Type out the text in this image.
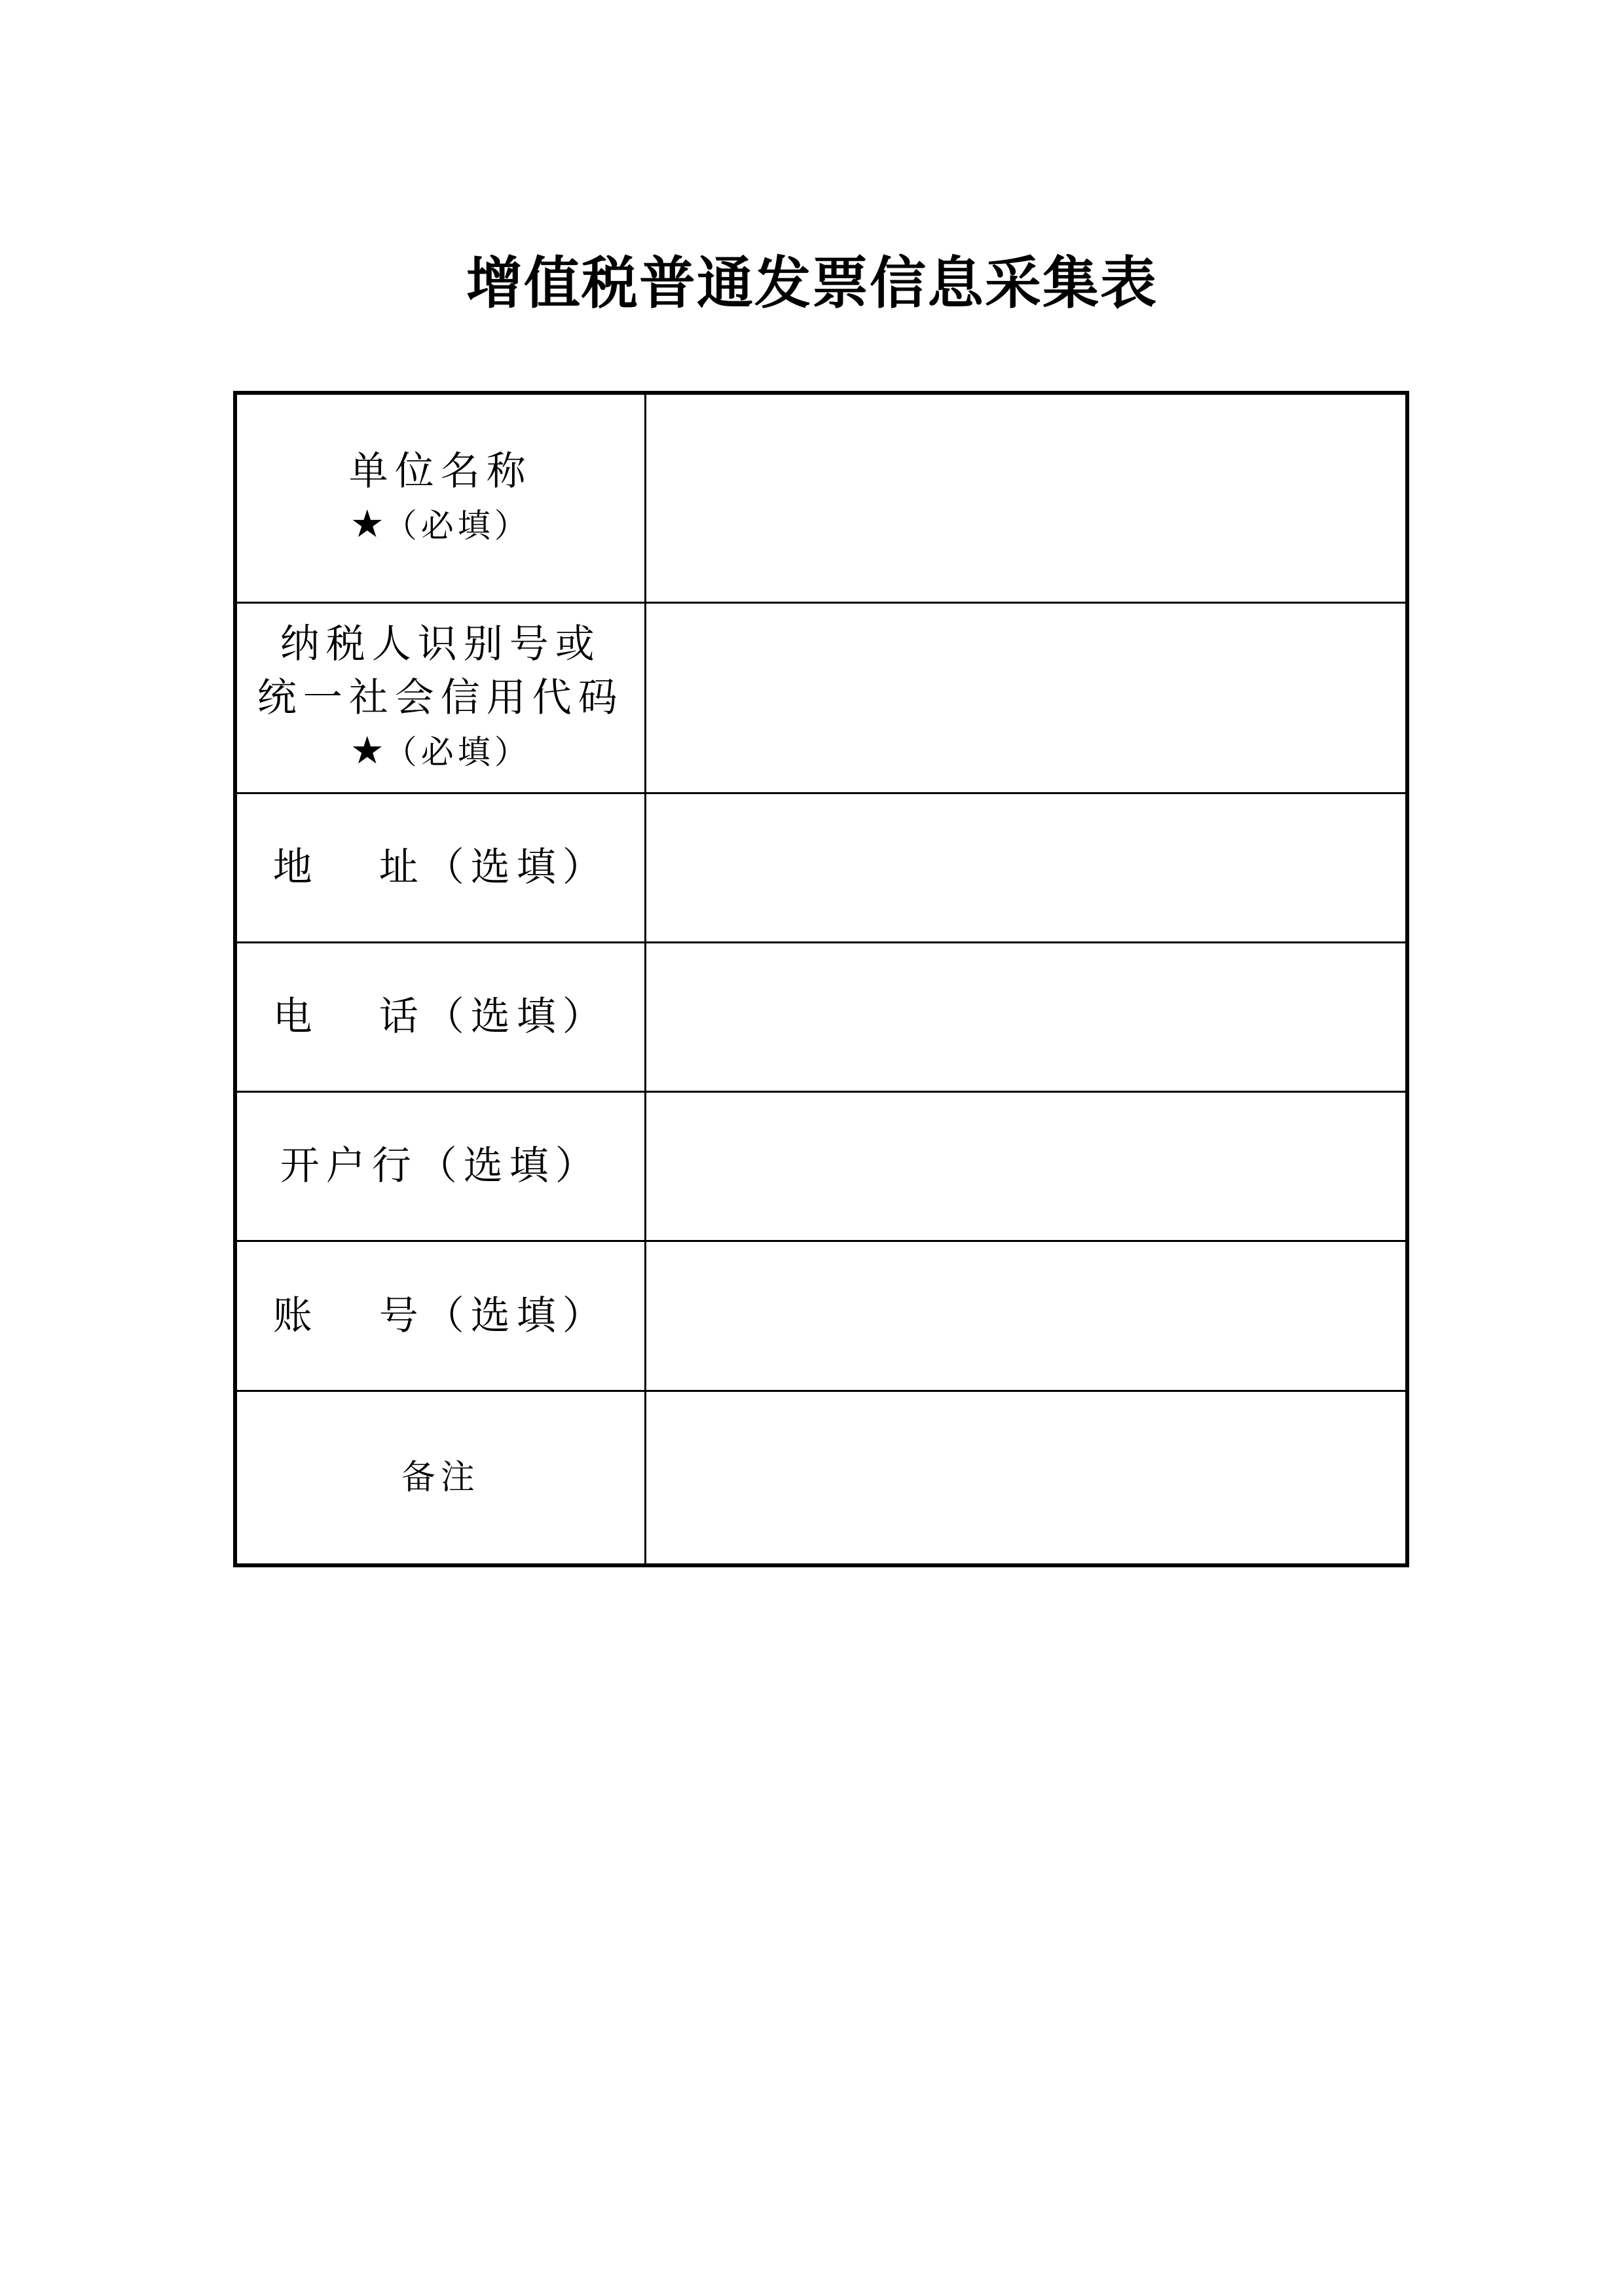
增值税普通发票信息采集表
单位名称
★（必填）	

纳税人识别号或
统一社会信用代码
★（必填）	

地 址（选填）	

电 话（选填）	

开户行（选填）	

账 号（选填）	

备注	
